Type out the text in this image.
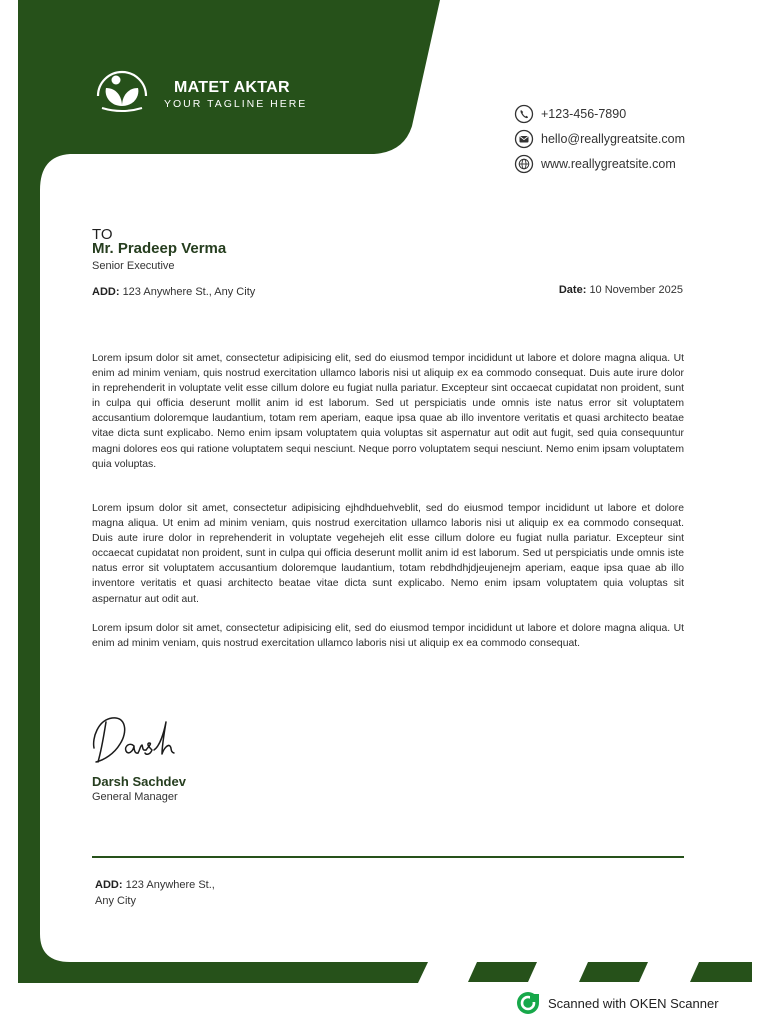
MATET AKTAR
YOUR TAGLINE HERE
+123-456-7890
hello@reallygreatsite.com
www.reallygreatsite.com
TO
Mr. Pradeep Verma
Senior Executive
ADD: 123 Anywhere St., Any City	Date: 10 November 2025

Lorem ipsum dolor sit amet, consectetur adipisicing elit, sed do eiusmod tempor incididunt ut labore et dolore magna aliqua. Ut enim ad minim veniam, quis nostrud exercitation ullamco laboris nisi ut aliquip ex ea commodo consequat. Duis aute irure dolor in reprehenderit in voluptate velit esse cillum dolore eu fugiat nulla pariatur. Excepteur sint occaecat cupidatat non proident, sunt in culpa qui officia deserunt mollit anim id est laborum. Sed ut perspiciatis unde omnis iste natus error sit voluptatem accusantium doloremque laudantium, totam rem aperiam, eaque ipsa quae ab illo inventore veritatis et quasi architecto beatae vitae dicta sunt explicabo. Nemo enim ipsam voluptatem quia voluptas sit aspernatur aut odit aut fugit, sed quia consequuntur magni dolores eos qui ratione voluptatem sequi nesciunt. Neque porro voluptatem sequi nesciunt. Nemo enim ipsam voluptatem quia voluptas.

Lorem ipsum dolor sit amet, consectetur adipisicing ejhdhduehveblit, sed do eiusmod tempor incididunt ut labore et dolore magna aliqua. Ut enim ad minim veniam, quis nostrud exercitation ullamco laboris nisi ut aliquip ex ea commodo consequat. Duis aute irure dolor in reprehenderit in voluptate vegehejeh elit esse cillum dolore eu fugiat nulla pariatur. Excepteur sint occaecat cupidatat non proident, sunt in culpa qui officia deserunt mollit anim id est laborum. Sed ut perspiciatis unde omnis iste natus error sit voluptatem accusantium doloremque laudantium, totam rebdhdhjdjeujenejm aperiam, eaque ipsa quae ab illo inventore veritatis et quasi architecto beatae vitae dicta sunt explicabo. Nemo enim ipsam voluptatem quia voluptas sit aspernatur aut odit aut.

Lorem ipsum dolor sit amet, consectetur adipisicing elit, sed do eiusmod tempor incididunt ut labore et dolore magna aliqua. Ut enim ad minim veniam, quis nostrud exercitation ullamco laboris nisi ut aliquip ex ea commodo consequat.

Darsh Sachdev
General Manager
ADD: 123 Anywhere St.,
Any City
Scanned with OKEN Scanner
